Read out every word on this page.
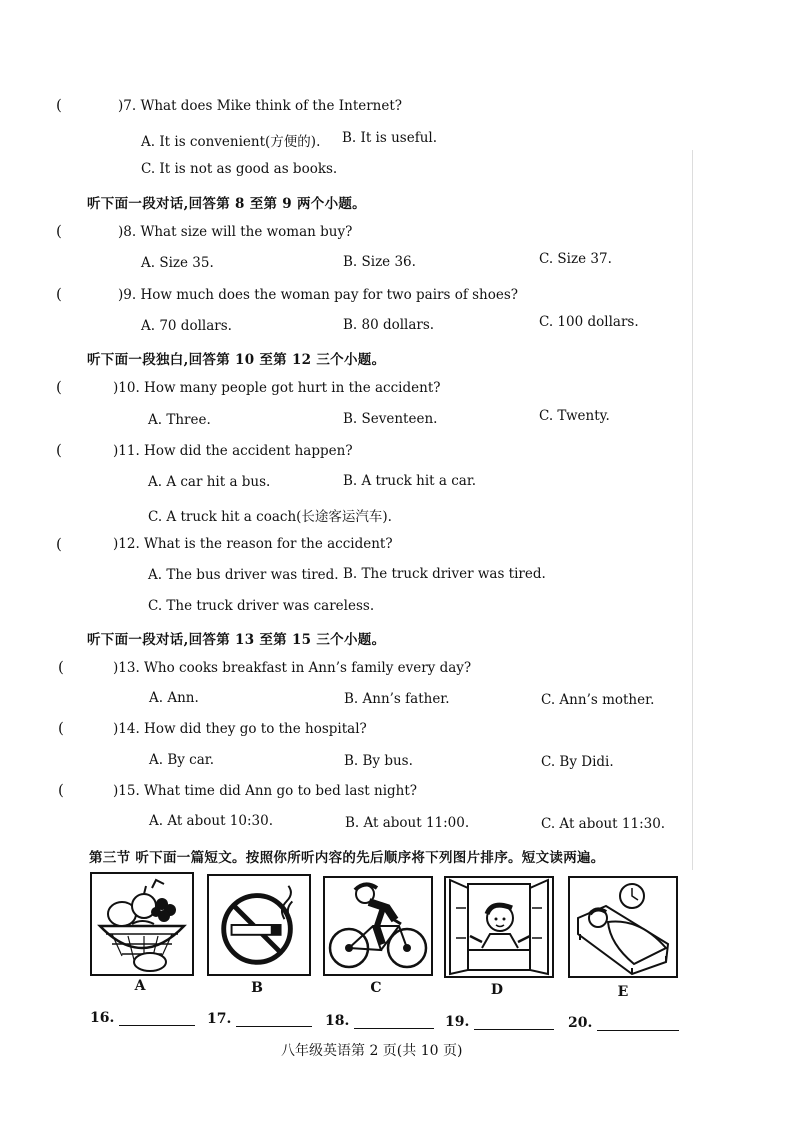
(	)7. What does Mike think of the Internet?
A. It is convenient(方便的). B. It is useful.
C. It is not as good as books.
听下面一段对话,回答第 8 至第 9 两个小题。
(	)8. What size will the woman buy?
A. Size 35.	B. Size 36.	C. Size 37.
(	)9. How much does the woman pay for two pairs of shoes?
A. 70 dollars.	B. 80 dollars.	C. 100 dollars.
听下面一段独白,回答第 10 至第 12 三个小题。
(	)10. How many people got hurt in the accident?
A. Three.	B. Seventeen.	C. Twenty.
(	)11. How did the accident happen?
A. A car hit a bus.	B. A truck hit a car.
C. A truck hit a coach(长途客运汽车).
(	)12. What is the reason for the accident?
A. The bus driver was tired. B. The truck driver was tired.
C. The truck driver was careless.
听下面一段对话,回答第 13 至第 15 三个小题。
(	)13. Who cooks breakfast in Ann’s family every day?
A. Ann.	B. Ann’s father.	C. Ann’s mother.
(	)14. How did they go to the hospital?
A. By car.	B. By bus.	C. By Didi.
(	)15. What time did Ann go to bed last night?
A. At about 10:30.	B. At about 11:00.	C. At about 11:30.
第三节 听下面一篇短文。按照你所听内容的先后顺序将下列图片排序。短文读两遍。
A	B	C	D	E
16.	17.	18.	19.	20.
八年级英语第 2 页(共 10 页)
